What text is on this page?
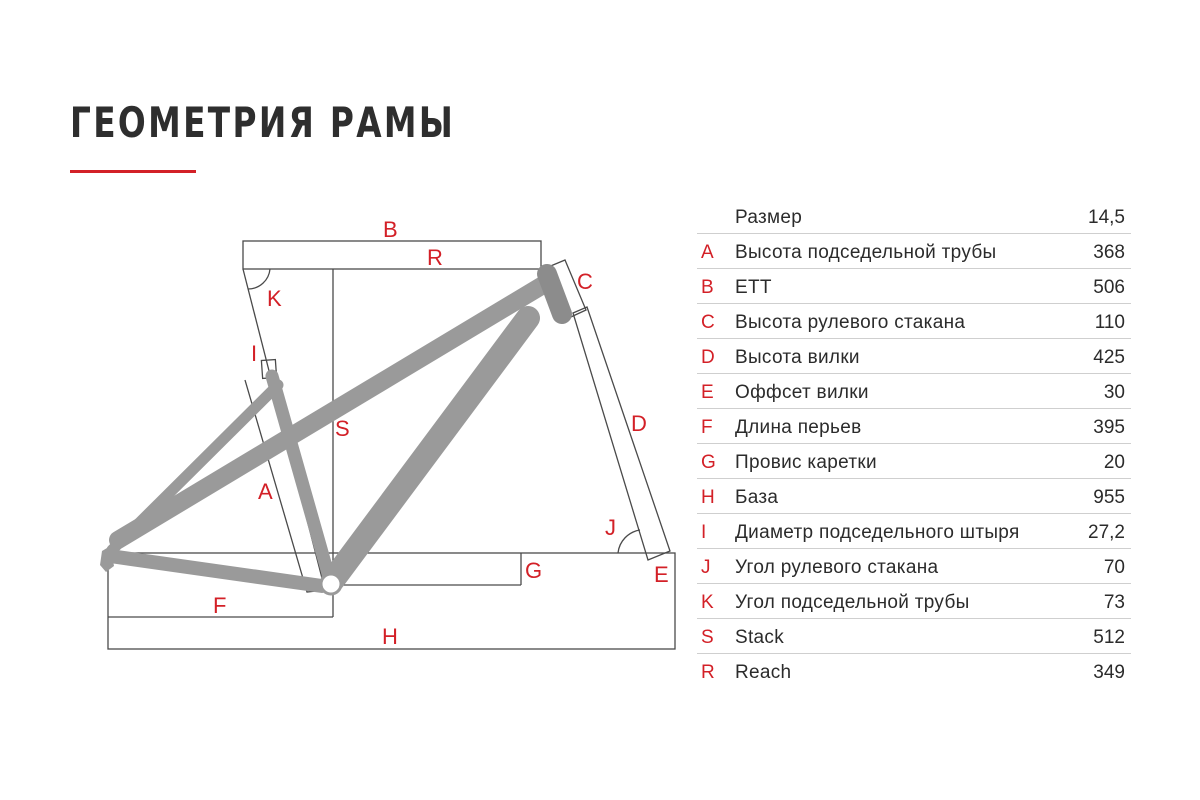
ГЕОМЕТРИЯ РАМЫ
B
R
K
C
I
S	D
A
J
G	E
F
H
Размер	14,5
A Высота подседельной трубы	368
B ETT	506
C Высота рулевого стакана	110
D Высота вилки	425
E Оффсет вилки	30
F Длина перьев	395
G Провис каретки	20
H База	955
I Диаметр подседельного штыря	27,2
J Угол рулевого стакана	70
K Угол подседельной трубы	73
S Stack	512
R Reach	349
